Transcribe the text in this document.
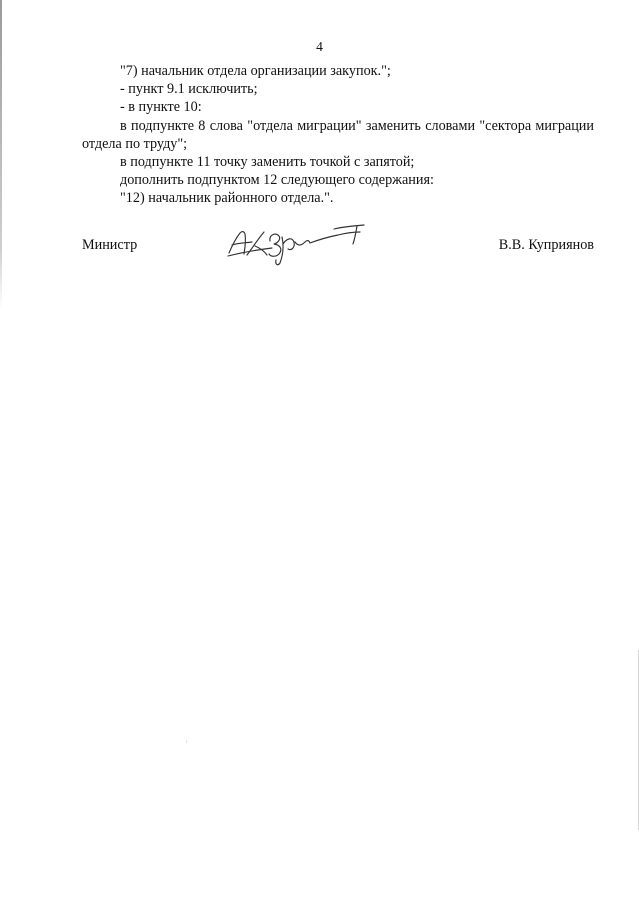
4

"7) начальник отдела организации закупок.";

- пункт 9.1 исключить;

- в пункте 10:

в подпункте 8 слова "отдела миграции" заменить словами "сектора миграции отдела по труду";

в подпункте 11 точку заменить точкой с запятой;

дополнить подпунктом 12 следующего содержания:

"12) начальник районного отдела.".

Министр	В.В. Куприянов
